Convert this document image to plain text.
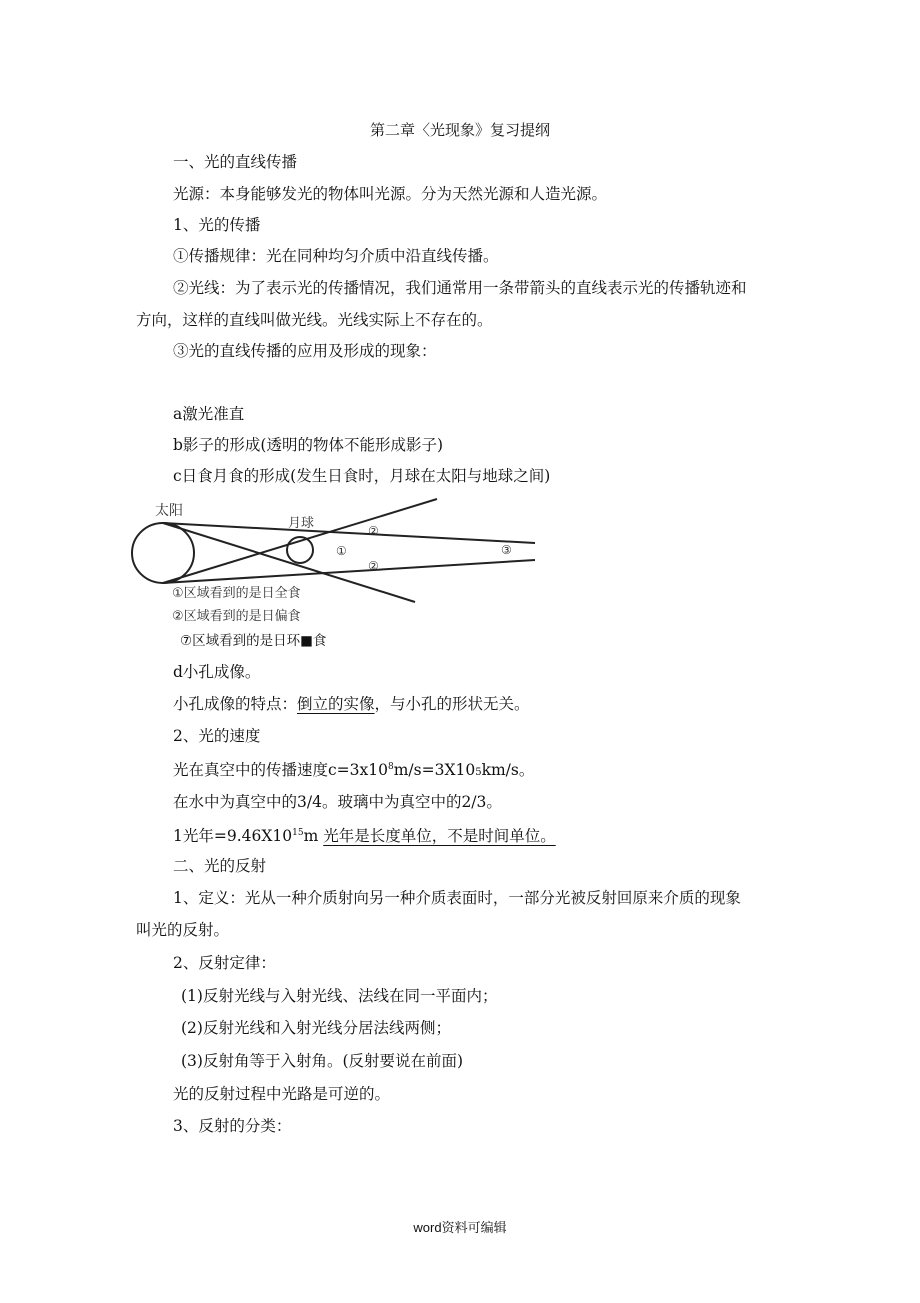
第二章〈光现象》复习提纲
一、光的直线传播
光源：本身能够发光的物体叫光源。分为天然光源和人造光源。
1、光的传播
①传播规律：光在同种均匀介质中沿直线传播。
②光线：为了表示光的传播情况，我们通常用一条带箭头的直线表示光的传播轨迹和
方向，这样的直线叫做光线。光线实际上不存在的。
③光的直线传播的应用及形成的现象：
a激光准直
b影子的形成(透明的物体不能形成影子)
c日食月食的形成(发生日食时，月球在太阳与地球之间)
太阳
月球
①
②
②
③
①区域看到的是日全食
②区域看到的是日偏食
⑦区域看到的是日环■食
d小孔成像。
小孔成像的特点：倒立的实像，与小孔的形状无关。
2、光的速度
光在真空中的传播速度$c=3x10^8m/s=3X105km/s$。
在水中为真空中的3/4。玻璃中为真空中的2/3。
1光年$=9.46X10^{15}m$ 光年是长度单位，不是时间单位。
二、光的反射
1、定义：光从一种介质射向另一种介质表面时，一部分光被反射回原来介质的现象
叫光的反射。
2、反射定律：
(1)反射光线与入射光线、法线在同一平面内；
(2)反射光线和入射光线分居法线两侧；
(3)反射角等于入射角。(反射要说在前面)
光的反射过程中光路是可逆的。
3、反射的分类：
word资料可编辑
